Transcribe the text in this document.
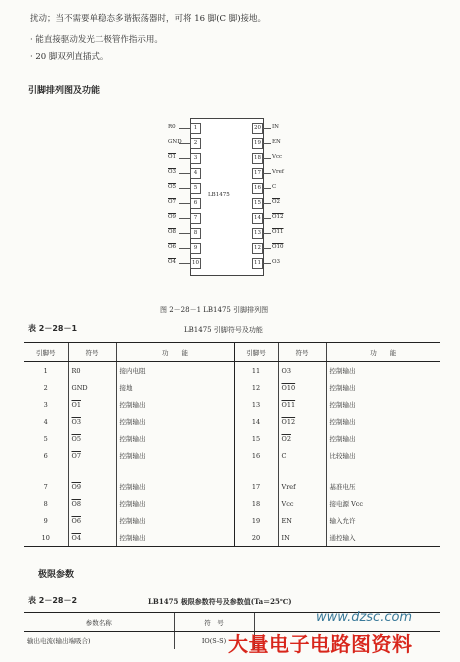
扰动；当不需要单稳态多谐振荡器时，可将 16 脚(C 脚)接地。
· 能直接驱动发光二极管作指示用。
· 20 脚双列直插式。
引脚排列图及功能
LB1475
R0	1
GND	2
O1	3
O3	4
O5	5
O7	6
O9	7
O8	8
O6	9
O4	10
20	IN
19	EN
18	Vcc
17	Vref
16	C
15	O2
14	O12
13	O11
12	O10
11	O3
图 2－28－1 LB1475 引脚排列图
表 2－28－1	LB1475 引脚符号及功能
引脚号	符号	功　　能	引脚号	符号	功　　能
1	R0	接内电阻	11	O3	控制输出
2	GND	接地	12	O10	控制输出
3	O1	控制输出	13	O11	控制输出
4	O3	控制输出	14	O12	控制输出
5	O5	控制输出	15	O2	控制输出
6	O7	控制输出	16	C	比较输出

7	O9	控制输出	17	Vref	基准电压
8	O8	控制输出	18	Vcc	接电源 Vcc
9	O6	控制输出	19	EN	输入允许
10	O4	控制输出	20	IN	通控输入
极限参数
表 2－28－2	LB1475 极限参数符号及参数值(Ta＝25℃)
参数名称	符　号	
输出电流(输出端吸合)	IO(S-S)	
www.dzsc.com
大量电子电路图资料
